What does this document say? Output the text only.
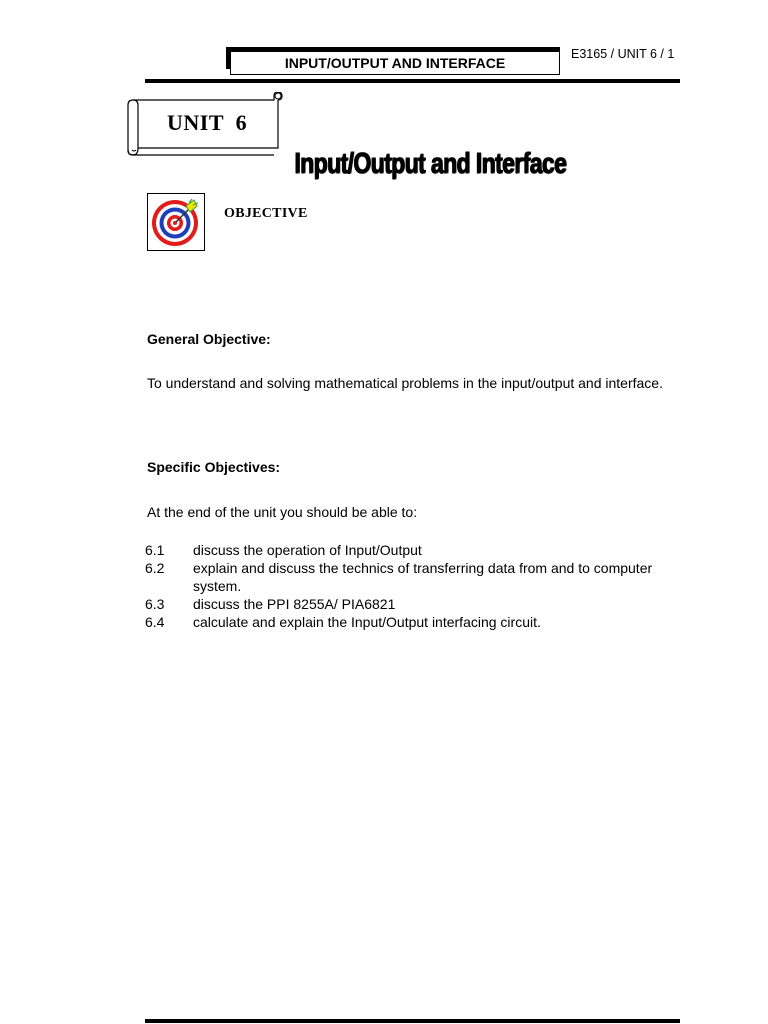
INPUT/OUTPUT AND INTERFACE
E3165 / UNIT 6 / 1
UNIT  6
Input/Output and Interface
OBJECTIVE
General Objective:
To understand and solving mathematical problems in the input/output and interface.
Specific Objectives:
At the end of the unit you should be able to:
6.1	discuss the operation of Input/Output
6.2	explain and discuss the technics of transferring data from and to computer system.
6.3	discuss the PPI 8255A/ PIA6821
6.4	calculate and explain the Input/Output interfacing circuit.
